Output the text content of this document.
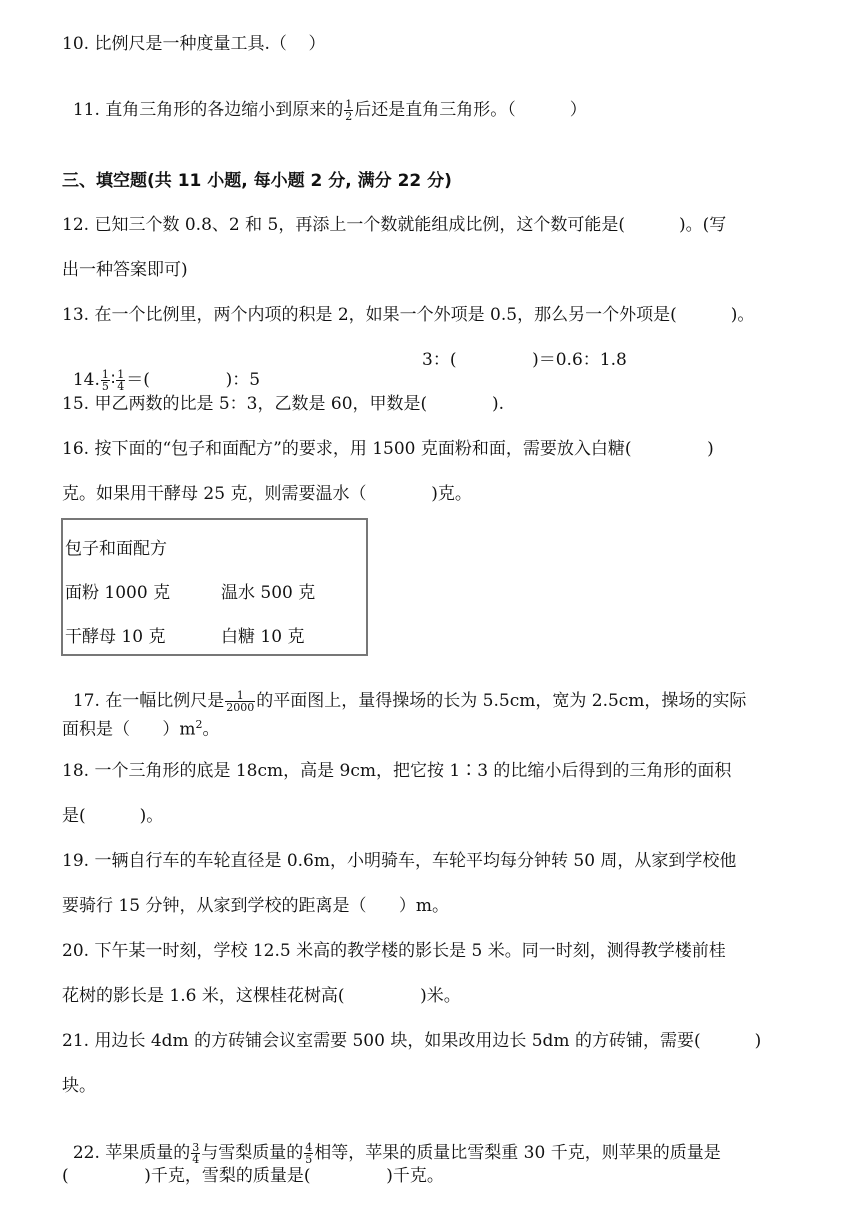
10. 比例尺是一种度量工具.（    ）

11. 直角三角形的各边缩小到原来的 $\frac{1}{2}$ 后还是直角三角形。（          ）

三、填空题(共 11 小题, 每小题 2 分, 满分 22 分)
12. 已知三个数 0.8、2 和 5，再添上一个数就能组成比例，这个数可能是(          )。(写
出一种答案即可)
13. 在一个比例里，两个内项的积是 2，如果一个外项是 0.5，那么另一个外项是(          )。

14. $\frac{1}{5}$ ∶ $\frac{1}{4}$ ＝(              )：5

3：(              )＝0.6：1.8
15. 甲乙两数的比是 5：3，乙数是 60，甲数是(            ).
16. 按下面的“包子和面配方”的要求，用 1500 克面粉和面，需要放入白糖(              )
克。如果用干酵母 25 克，则需要温水（            )克。
包子和面配方
面粉 1000 克	温水 500 克
干酵母 10 克	白糖 10 克

17. 在一幅比例尺是 $\frac{1}{2000}$ 的平面图上，量得操场的长为 5.5cm，宽为 2.5cm，操场的实际

面积是（      ）$m^2$。
18. 一个三角形的底是 18cm，高是 9cm，把它按 1∶3 的比缩小后得到的三角形的面积
是(          )。
19. 一辆自行车的车轮直径是 0.6m，小明骑车，车轮平均每分钟转 50 周，从家到学校他
要骑行 15 分钟，从家到学校的距离是（      ）m。
20. 下午某一时刻，学校 12.5 米高的教学楼的影长是 5 米。同一时刻，测得教学楼前桂
花树的影长是 1.6 米，这棵桂花树高(              )米。
21. 用边长 4dm 的方砖铺会议室需要 500 块，如果改用边长 5dm 的方砖铺，需要(          )
块。

22. 苹果质量的 $\frac{3}{4}$ 与雪梨质量的 $\frac{4}{5}$ 相等，苹果的质量比雪梨重 30 千克，则苹果的质量是

(              )千克，雪梨的质量是(              )千克。
